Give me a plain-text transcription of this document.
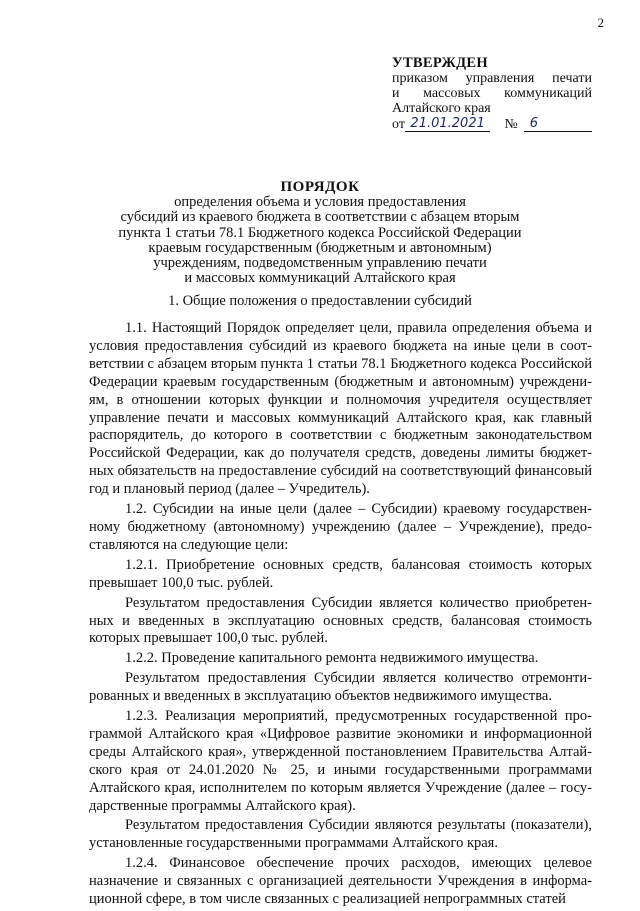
2
УТВЕРЖДЕН
приказом управления печати
и массовых коммуникаций
Алтайского края
от 21.01.2021	№ 6
ПОРЯДОК
определения объема и условия предоставления
субсидий из краевого бюджета в соответствии с абзацем вторым
пункта 1 статьи 78.1 Бюджетного кодекса Российской Федерации
краевым государственным (бюджетным и автономным)
учреждениям, подведомственным управлению печати
и массовых коммуникаций Алтайского края
1. Общие положения о предоставлении субсидий

1.1. Настоящий Порядок определяет цели, правила определения объема и условия предоставления субсидий из краевого бюджета на иные цели в соответствии с абзацем вторым пункта 1 статьи 78.1 Бюджетного кодекса Российской Федерации краевым государственным (бюджетным и автономным) учреждениям, в отношении которых функции и полномочия учредителя осуществляет управление печати и массовых коммуникаций Алтайского края, как главный распорядитель, до которого в соответствии с бюджетным законодательством Российской Федерации, как до получателя средств, доведены лимиты бюджетных обязательств на предоставление субсидий на соответствующий финансовый год и плановый период (далее – Учредитель).

1.2. Субсидии на иные цели (далее – Субсидии) краевому государственному бюджетному (автономному) учреждению (далее – Учреждение), предоставляются на следующие цели:

1.2.1. Приобретение основных средств, балансовая стоимость которых превышает 100,0 тыс. рублей.

Результатом предоставления Субсидии является количество приобретенных и введенных в эксплуатацию основных средств, балансовая стоимость которых превышает 100,0 тыс. рублей.

1.2.2. Проведение капитального ремонта недвижимого имущества.

Результатом предоставления Субсидии является количество отремонтированных и введенных в эксплуатацию объектов недвижимого имущества.

1.2.3. Реализация мероприятий, предусмотренных государственной программой Алтайского края «Цифровое развитие экономики и информационной среды Алтайского края», утвержденной постановлением Правительства Алтайского края от 24.01.2020 № 25, и иными государственными программами Алтайского края, исполнителем по которым является Учреждение (далее – государственные программы Алтайского края).

Результатом предоставления Субсидии являются результаты (показатели), установленные государственными программами Алтайского края.

1.2.4. Финансовое обеспечение прочих расходов, имеющих целевое назначение и связанных с организацией деятельности Учреждения в информационной сфере, в том числе связанных с реализацией непрограммных статей
